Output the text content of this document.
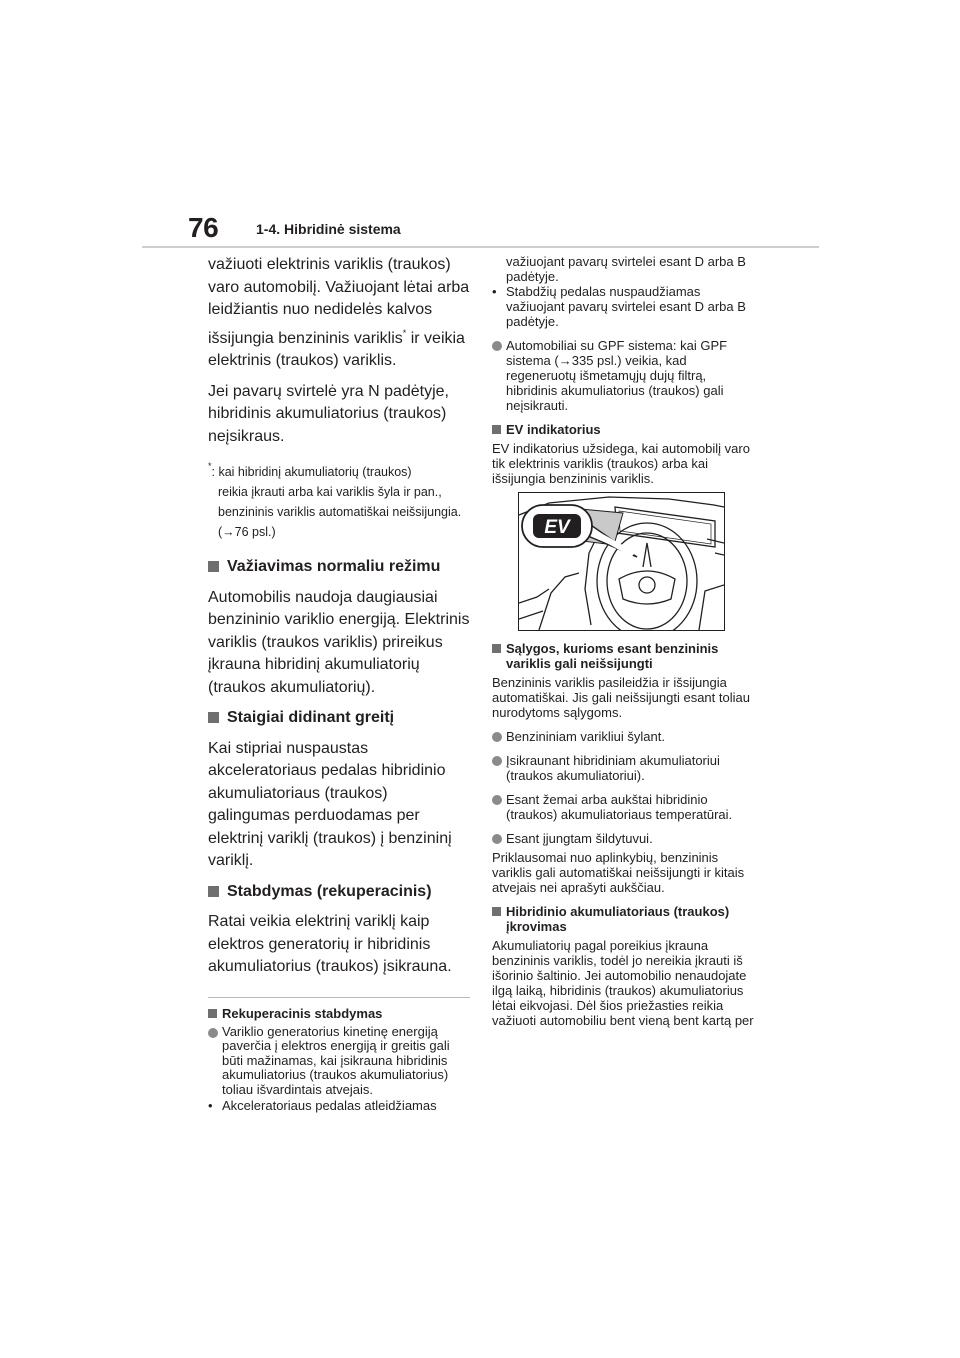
76	1-4. Hibridinė sistema

važiuoti elektrinis variklis (traukos) varo automobilį. Važiuojant lėtai arba leidžiantis nuo nedidelės kalvos išsijungia benzininis variklis* ir veikia elektrinis (traukos) variklis.

Jei pavarų svirtelė yra N padėtyje, hibridinis akumuliatorius (traukos) neįsikraus.

*: kai hibridinį akumuliatorių (traukos)
reikia įkrauti arba kai variklis šyla ir pan., benzininis variklis automatiškai neišsijungia. (→76 psl.)
Važiavimas normaliu režimu

Automobilis naudoja daugiausiai benzininio variklio energiją. Elektrinis variklis (traukos variklis) prireikus įkrauna hibridinį akumuliatorių (traukos akumuliatorių).

Staigiai didinant greitį

Kai stipriai nuspaustas akceleratoriaus pedalas hibridinio akumuliatoriaus (traukos) galingumas perduodamas per elektrinį variklį (traukos) į benzininį variklį.

Stabdymas (rekuperacinis)

Ratai veikia elektrinį variklį kaip elektros generatorių ir hibridinis akumuliatorius (traukos) įsikrauna.

Rekuperacinis stabdymas
Variklio generatorius kinetinę energiją paverčia į elektros energiją ir greitis gali būti mažinamas, kai įsikrauna hibridinis akumuliatorius (traukos akumuliatorius) toliau išvardintais atvejais.
• Akceleratoriaus pedalas atleidžiamas
važiuojant pavarų svirtelei esant D arba B padėtyje.
• Stabdžių pedalas nuspaudžiamas važiuojant pavarų svirtelei esant D arba B padėtyje.
Automobiliai su GPF sistema: kai GPF sistema (→335 psl.) veikia, kad regeneruotų išmetamųjų dujų filtrą, hibridinis akumuliatorius (traukos) gali neįsikrauti.
EV indikatorius

EV indikatorius užsidega, kai automobilį varo tik elektrinis variklis (traukos) arba kai išsijungia benzininis variklis.

EV
Sąlygos, kurioms esant benzininis variklis gali neišsijungti

Benzininis variklis pasileidžia ir išsijungia automatiškai. Jis gali neišsijungti esant toliau nurodytoms sąlygoms.

Benzininiam varikliui šylant.
Įsikraunant hibridiniam akumuliatoriui (traukos akumuliatoriui).
Esant žemai arba aukštai hibridinio (traukos) akumuliatoriaus temperatūrai.
Esant įjungtam šildytuvui.

Priklausomai nuo aplinkybių, benzininis variklis gali automatiškai neišsijungti ir kitais atvejais nei aprašyti aukščiau.

Hibridinio akumuliatoriaus (traukos) įkrovimas

Akumuliatorių pagal poreikius įkrauna benzininis variklis, todėl jo nereikia įkrauti iš išorinio šaltinio. Jei automobilio nenaudojate ilgą laiką, hibridinis (traukos) akumuliatorius lėtai eikvojasi. Dėl šios priežasties reikia važiuoti automobiliu bent vieną bent kartą per
